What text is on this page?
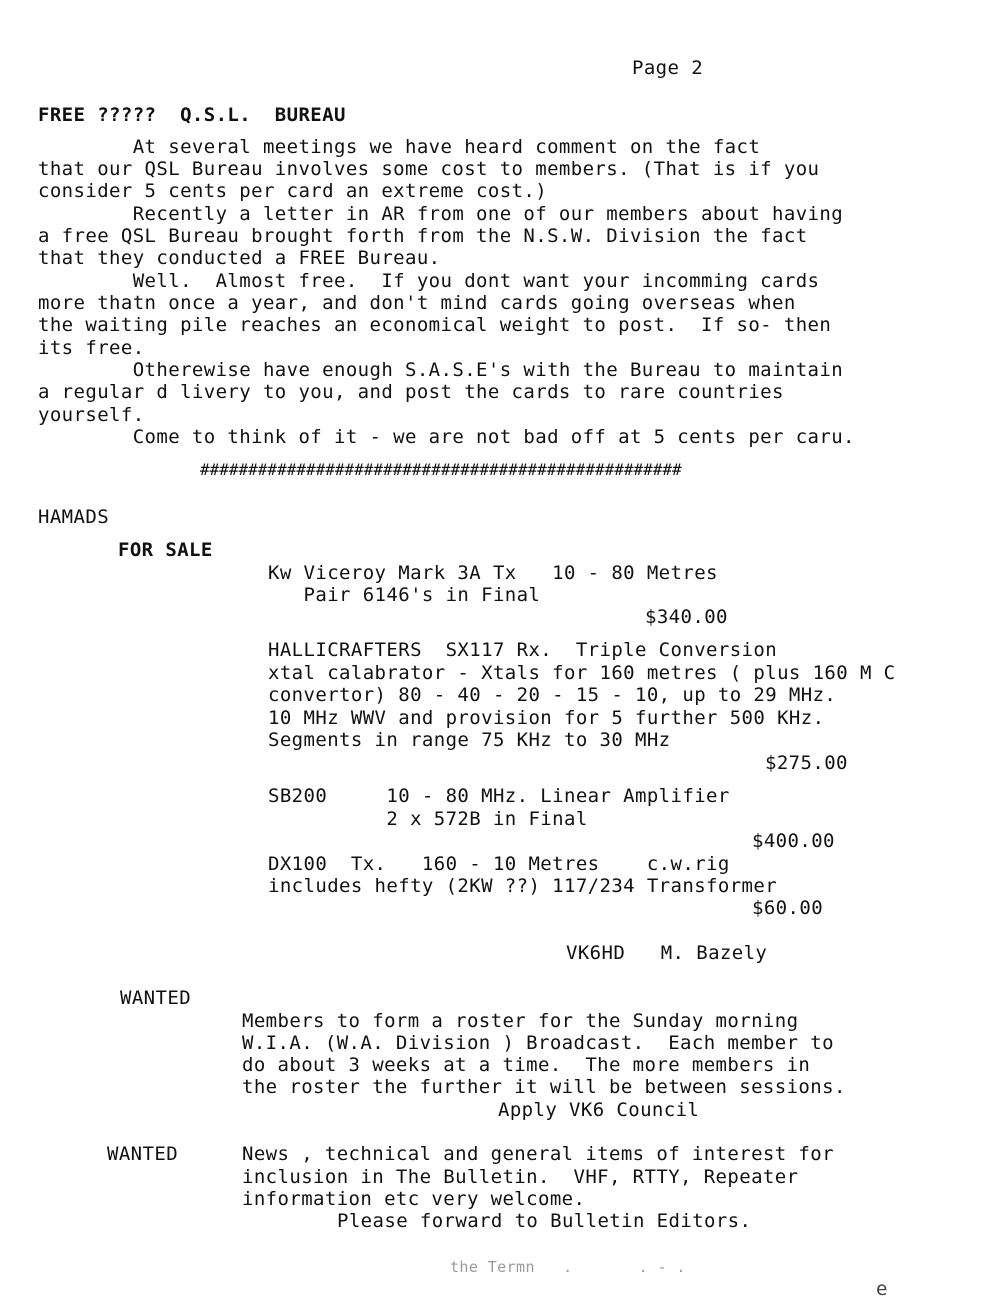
Page 2
FREE ?????  Q.S.L.  BUREAU
At several meetings we have heard comment on the fact
that our QSL Bureau involves some cost to members. (That is if you
consider 5 cents per card an extreme cost.)
Recently a letter in AR from one of our members about having
a free QSL Bureau brought forth from the N.S.W. Division the fact
that they conducted a FREE Bureau.
Well.  Almost free.  If you dont want your incomming cards
more thatn once a year, and don't mind cards going overseas when
the waiting pile reaches an economical weight to post.  If so- then
its free.
Otherewise have enough S.A.S.E's with the Bureau to maintain
a regular d livery to you, and post the cards to rare countries
yourself.
Come to think of it - we are not bad off at 5 cents per caru.
##################################################
HAMADS
FOR SALE
Kw Viceroy Mark 3A Tx   10 - 80 Metres
Pair 6146's in Final
$340.00
HALLICRAFTERS  SX117 Rx.  Triple Conversion
xtal calabrator - Xtals for 160 metres ( plus 160 M C
convertor) 80 - 40 - 20 - 15 - 10, up to 29 MHz.
10 MHz WWV and provision for 5 further 500 KHz.
Segments in range 75 KHz to 30 MHz
$275.00
SB200     10 - 80 MHz. Linear Amplifier
2 x 572B in Final
$400.00
DX100  Tx.   160 - 10 Metres    c.w.rig
includes hefty (2KW ??) 117/234 Transformer
$60.00
VK6HD   M. Bazely
WANTED
Members to form a roster for the Sunday morning
W.I.A. (W.A. Division ) Broadcast.  Each member to
do about 3 weeks at a time.  The more members in
the roster the further it will be between sessions.
Apply VK6 Council
WANTED	News , technical and general items of interest for
inclusion in The Bulletin.  VHF, RTTY, Repeater
information etc very welcome.
Please forward to Bulletin Editors.
the Termn   .       . - .
e
